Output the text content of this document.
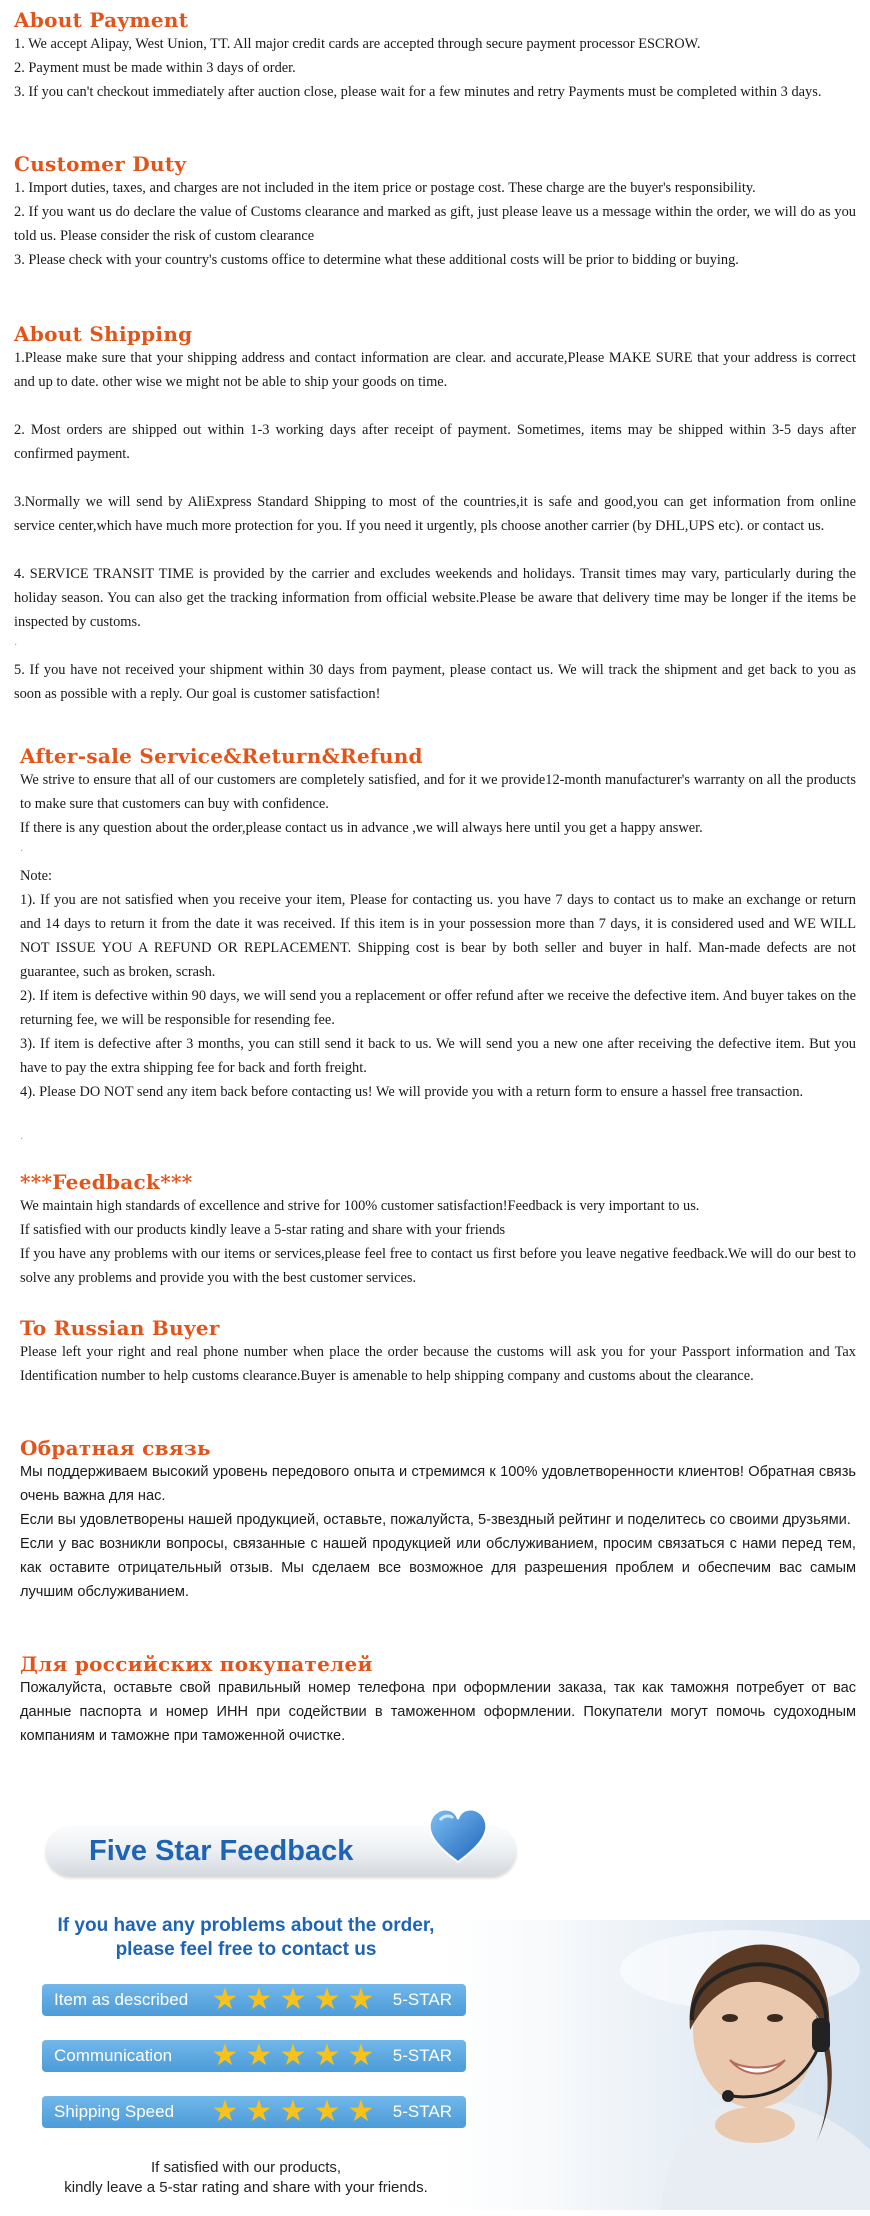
About Payment
1. We accept Alipay, West Union, TT. All major credit cards are accepted through secure payment processor ESCROW.
2. Payment must be made within 3 days of order.
3. If you can't checkout immediately after auction close, please wait for a few minutes and retry Payments must be completed within 3 days.
Customer Duty
1. Import duties, taxes, and charges are not included in the item price or postage cost. These charge are the buyer's responsibility.
2. If you want us do declare the value of Customs clearance and marked as gift, just please leave us a message within the order, we will do as you told us. Please consider the risk of custom clearance
3. Please check with your country's customs office to determine what these additional costs will be prior to bidding or buying.
About Shipping
1.Please make sure that your shipping address and contact information are clear. and accurate,Please MAKE SURE that your address is correct and up to date. other wise we might not be able to ship your goods on time.
2. Most orders are shipped out within 1-3 working days after receipt of payment. Sometimes, items may be shipped within 3-5 days after confirmed payment.
3.Normally we will send by AliExpress Standard Shipping to most of the countries,it is safe and good,you can get information from online service center,which have much more protection for you. If you need it urgently, pls choose another carrier (by DHL,UPS etc). or contact us.
4. SERVICE TRANSIT TIME is provided by the carrier and excludes weekends and holidays. Transit times may vary, particularly during the holiday season. You can also get the tracking information from official website.Please be aware that delivery time may be longer if the items be inspected by customs.
·
5. If you have not received your shipment within 30 days from payment, please contact us. We will track the shipment and get back to you as soon as possible with a reply. Our goal is customer satisfaction!
After-sale Service&Return&Refund
We strive to ensure that all of our customers are completely satisfied, and for it we provide12-month manufacturer's warranty on all the products to make sure that customers can buy with confidence.
If there is any question about the order,please contact us in advance ,we will always here until you get a happy answer.
·
Note:
1). If you are not satisfied when you receive your item, Please for contacting us. you have 7 days to contact us to make an exchange or return and 14 days to return it from the date it was received. If this item is in your possession more than 7 days, it is considered used and WE WILL NOT ISSUE YOU A REFUND OR REPLACEMENT. Shipping cost is bear by both seller and buyer in half. Man-made defects are not guarantee, such as broken, scrash.
2). If item is defective within 90 days, we will send you a replacement or offer refund after we receive the defective item. And buyer takes on the returning fee, we will be responsible for resending fee.
3). If item is defective after 3 months, you can still send it back to us. We will send you a new one after receiving the defective item. But you have to pay the extra shipping fee for back and forth freight.
4). Please DO NOT send any item back before contacting us! We will provide you with a return form to ensure a hassel free transaction.
·
***Feedback***
We maintain high standards of excellence and strive for 100% customer satisfaction!Feedback is very important to us.
If satisfied with our products kindly leave a 5-star rating and share with your friends
If you have any problems with our items or services,please feel free to contact us first before you leave negative feedback.We will do our best to solve any problems and provide you with the best customer services.
To Russian Buyer
Please left your right and real phone number when place the order because the customs will ask you for your Passport information and Tax Identification number to help customs clearance.Buyer is amenable to help shipping company and customs about the clearance.
Обратная связь
Мы поддерживаем высокий уровень передового опыта и стремимся к 100% удовлетворенности клиентов! Обратная связь очень важна для нас.
Если вы удовлетворены нашей продукцией, оставьте, пожалуйста, 5-звездный рейтинг и поделитесь со своими друзьями.
Если у вас возникли вопросы, связанные с нашей продукцией или обслуживанием, просим связаться с нами перед тем, как оставите отрицательный отзыв. Мы сделаем все возможное для разрешения проблем и обеспечим вас самым лучшим обслуживанием.
Для российских покупателей
Пожалуйста, оставьте свой правильный номер телефона при оформлении заказа, так как таможня потребует от вас данные паспорта и номер ИНН при содействии в таможенном оформлении. Покупатели могут помочь судоходным компаниям и таможне при таможенной очистке.
Five Star Feedback
If you have any problems about the order,
please feel free to contact us
Item as described ★ ★ ★ ★ ★ 5-STAR
Communication ★ ★ ★ ★ ★ 5-STAR
Shipping Speed ★ ★ ★ ★ ★ 5-STAR
If satisfied with our products,
kindly leave a 5-star rating and share with your friends.
